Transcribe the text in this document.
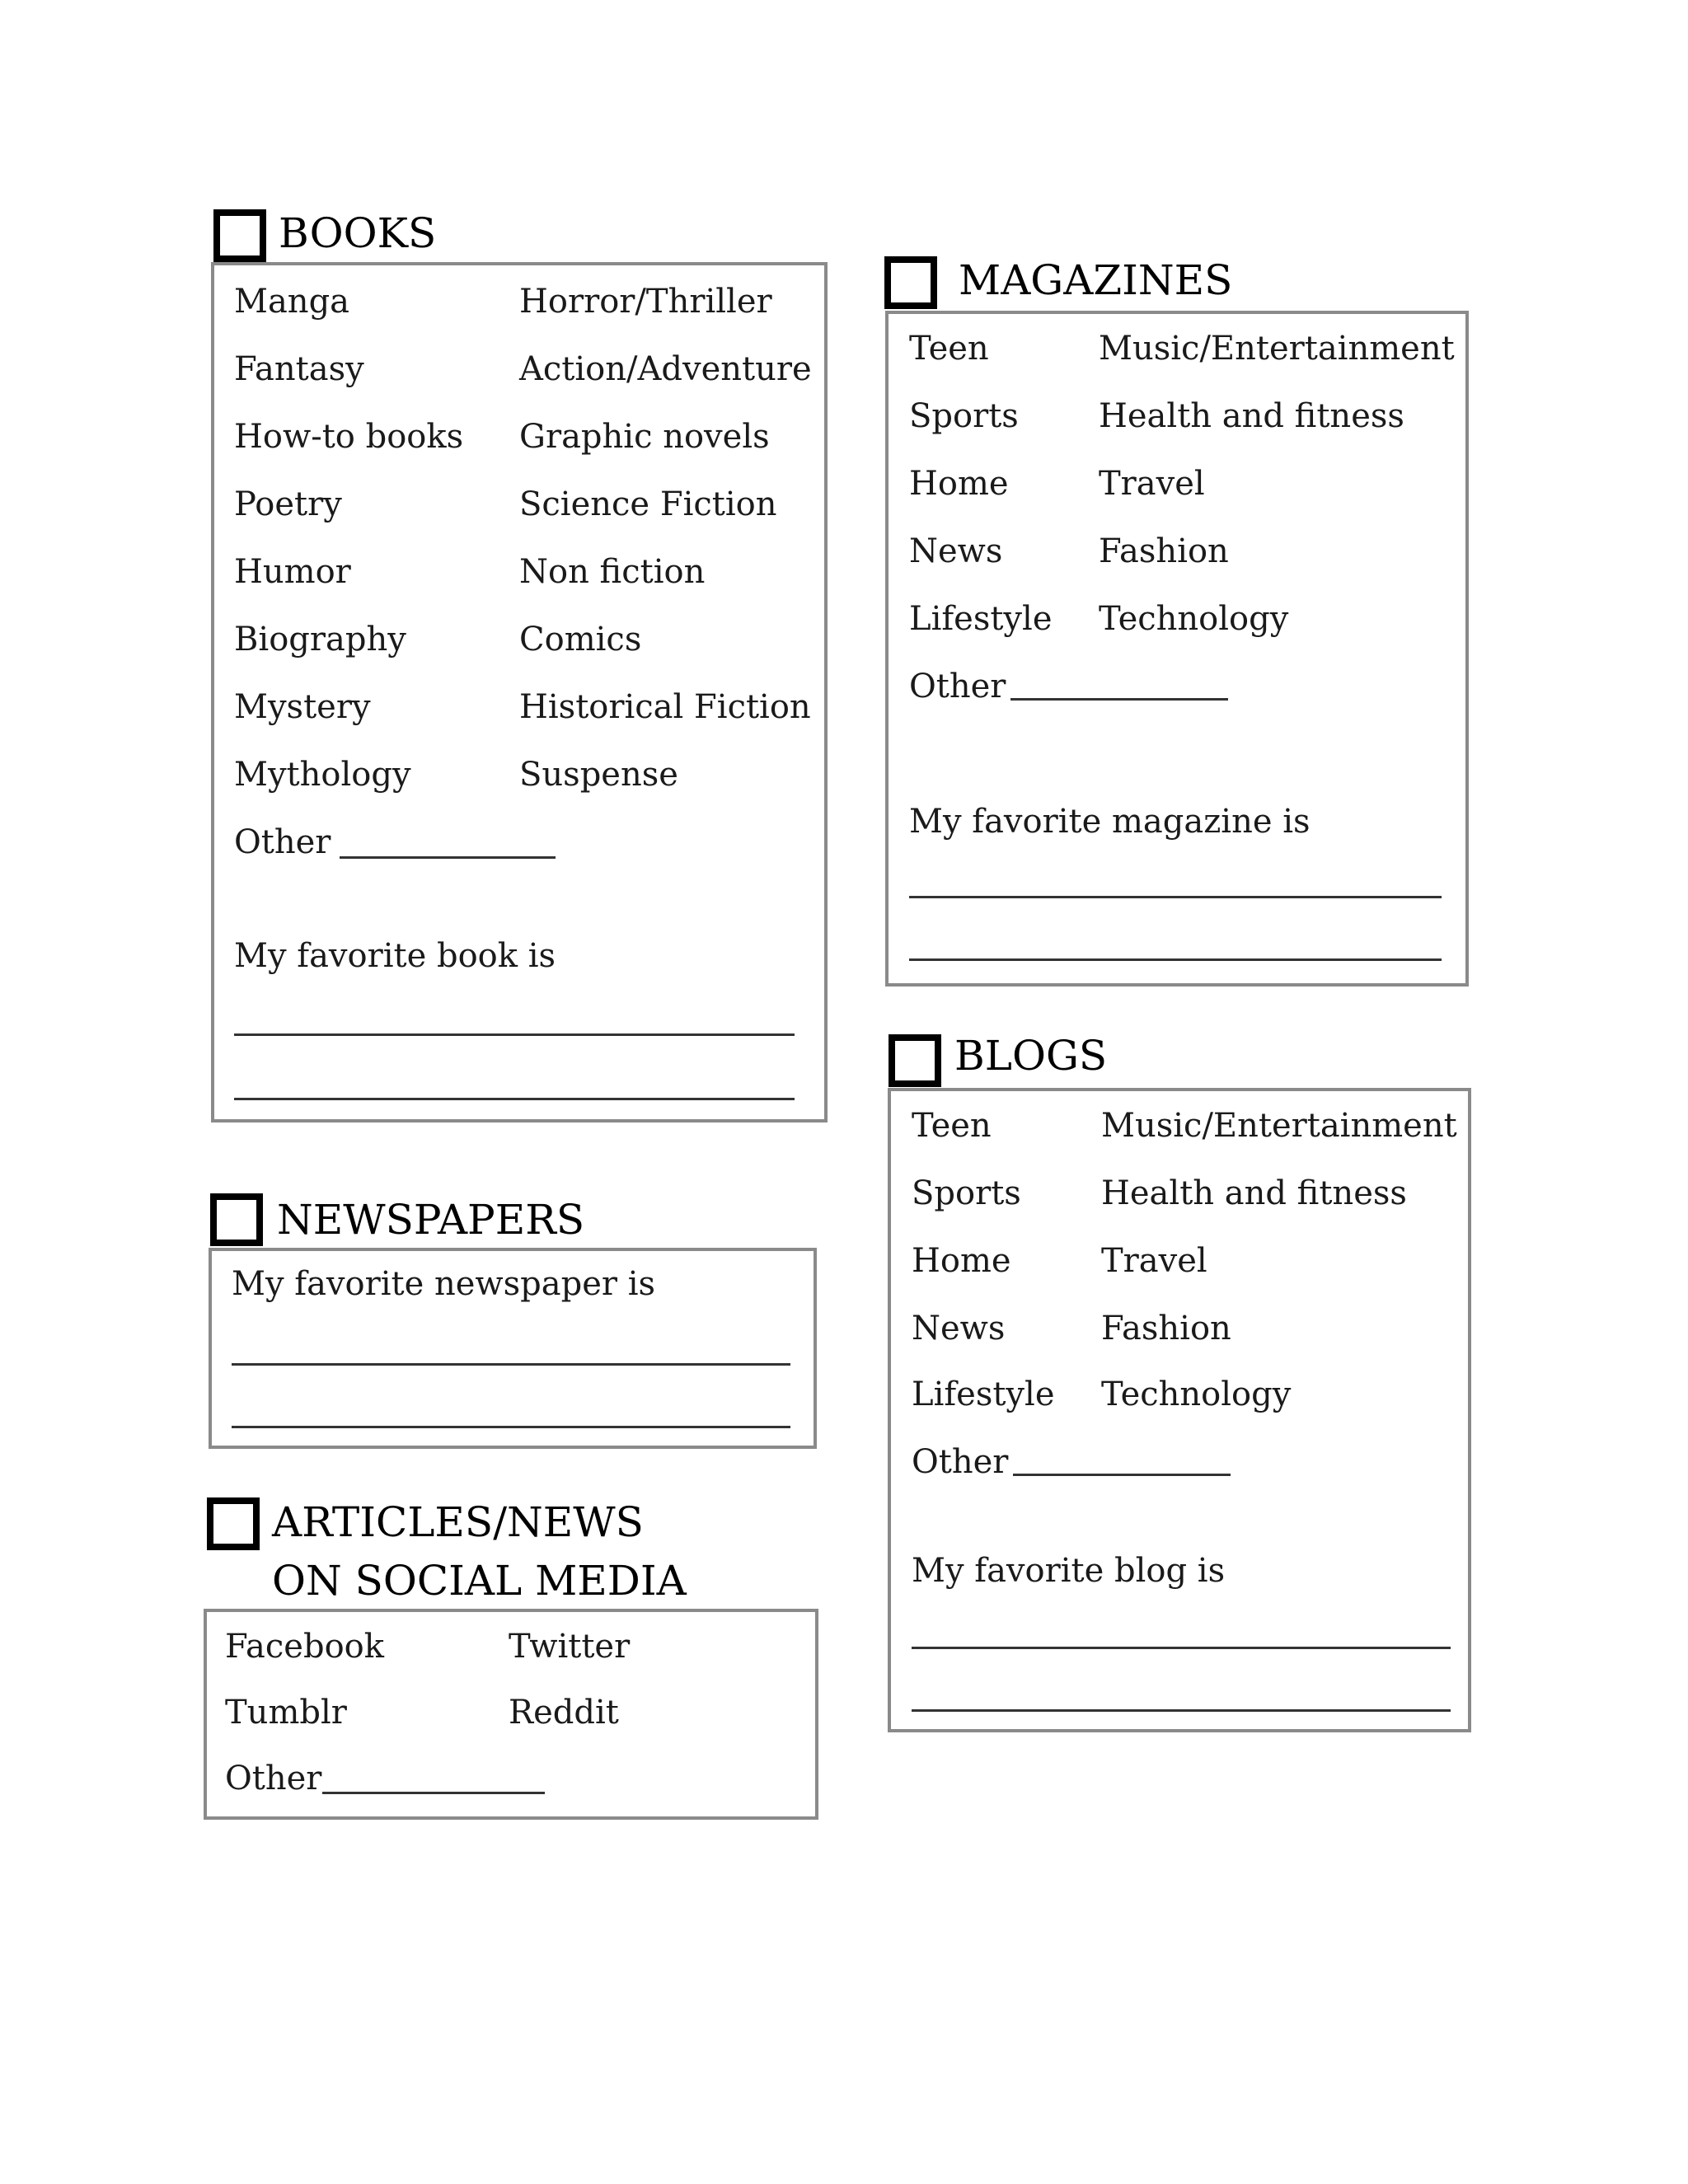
BOOKS
Manga
Fantasy
How-to books
Poetry
Humor
Biography
Mystery
Mythology
Horror/Thriller
Action/Adventure
Graphic novels
Science Fiction
Non fiction
Comics
Historical Fiction
Suspense
Other
My favorite book is
NEWSPAPERS
My favorite newspaper is
ARTICLES/NEWS
ON SOCIAL MEDIA
Facebook
Tumblr
Twitter
Reddit
Other
MAGAZINES
Teen
Sports
Home
News
Lifestyle
Music/Entertainment
Health and fitness
Travel
Fashion
Technology
Other
My favorite magazine is
BLOGS
Teen
Sports
Home
News
Lifestyle
Music/Entertainment
Health and fitness
Travel
Fashion
Technology
Other
My favorite blog is
